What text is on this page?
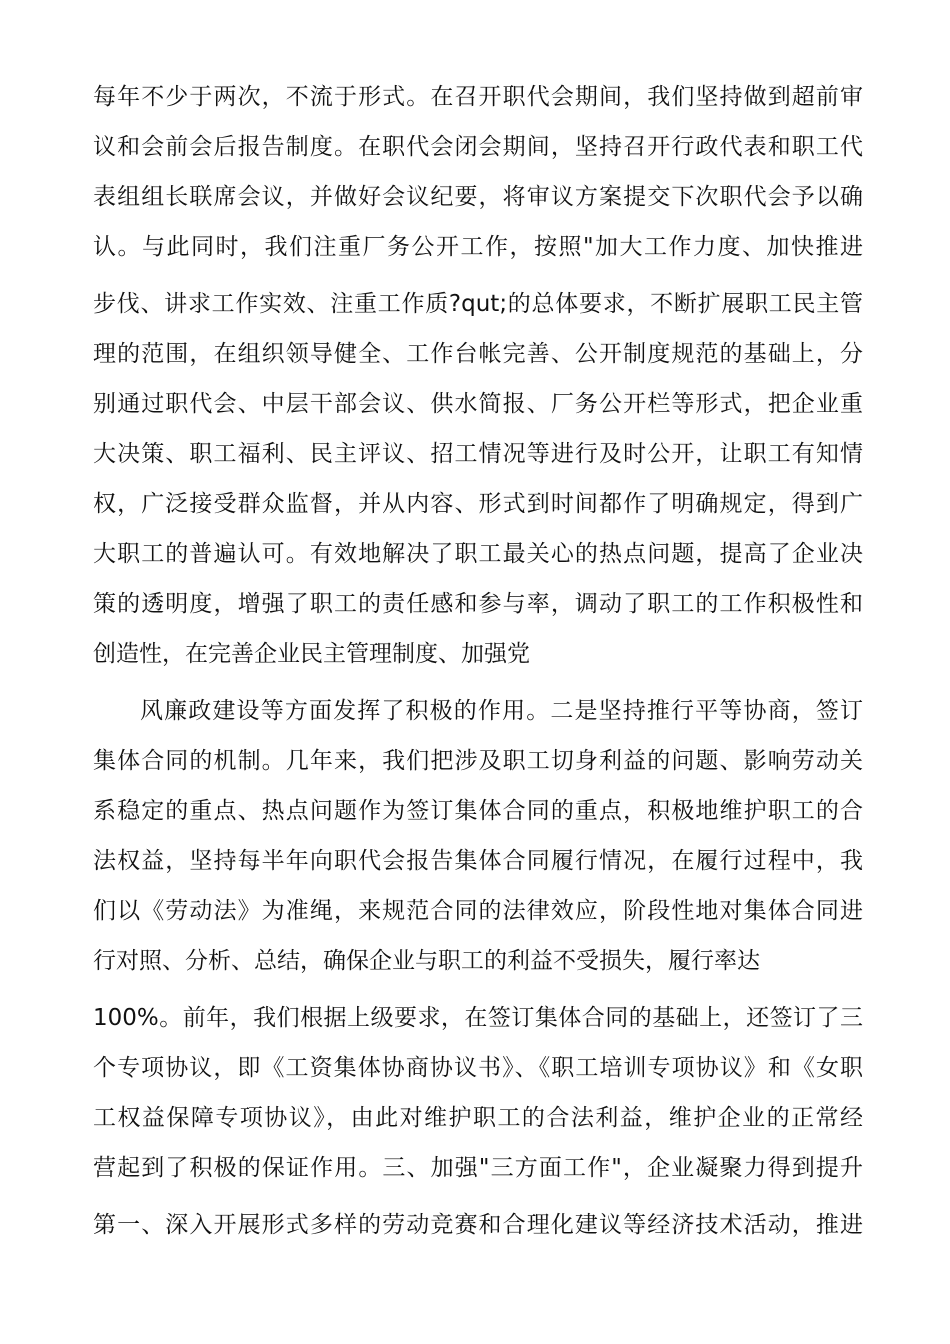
每年不少于两次，不流于形式。在召开职代会期间，我们坚持做到超前审
议和会前会后报告制度。在职代会闭会期间，坚持召开行政代表和职工代
表组组长联席会议，并做好会议纪要，将审议方案提交下次职代会予以确
认。与此同时，我们注重厂务公开工作，按照"加大工作力度、加快推进
步伐、讲求工作实效、注重工作质?qut;的总体要求，不断扩展职工民主管
理的范围，在组织领导健全、工作台帐完善、公开制度规范的基础上，分
别通过职代会、中层干部会议、供水简报、厂务公开栏等形式，把企业重
大决策、职工福利、民主评议、招工情况等进行及时公开，让职工有知情
权，广泛接受群众监督，并从内容、形式到时间都作了明确规定，得到广
大职工的普遍认可。有效地解决了职工最关心的热点问题，提高了企业决
策的透明度，增强了职工的责任感和参与率，调动了职工的工作积极性和
创造性，在完善企业民主管理制度、加强党
风廉政建设等方面发挥了积极的作用。二是坚持推行平等协商，签订
集体合同的机制。几年来，我们把涉及职工切身利益的问题、影响劳动关
系稳定的重点、热点问题作为签订集体合同的重点，积极地维护职工的合
法权益，坚持每半年向职代会报告集体合同履行情况，在履行过程中，我
们以《劳动法》为准绳，来规范合同的法律效应，阶段性地对集体合同进
行对照、分析、总结，确保企业与职工的利益不受损失，履行率达
100%。前年，我们根据上级要求，在签订集体合同的基础上，还签订了三
个专项协议，即《工资集体协商协议书》、《职工培训专项协议》和《女职
工权益保障专项协议》，由此对维护职工的合法利益，维护企业的正常经
营起到了积极的保证作用。三、加强"三方面工作"，企业凝聚力得到提升
第一、深入开展形式多样的劳动竞赛和合理化建议等经济技术活动，推进
